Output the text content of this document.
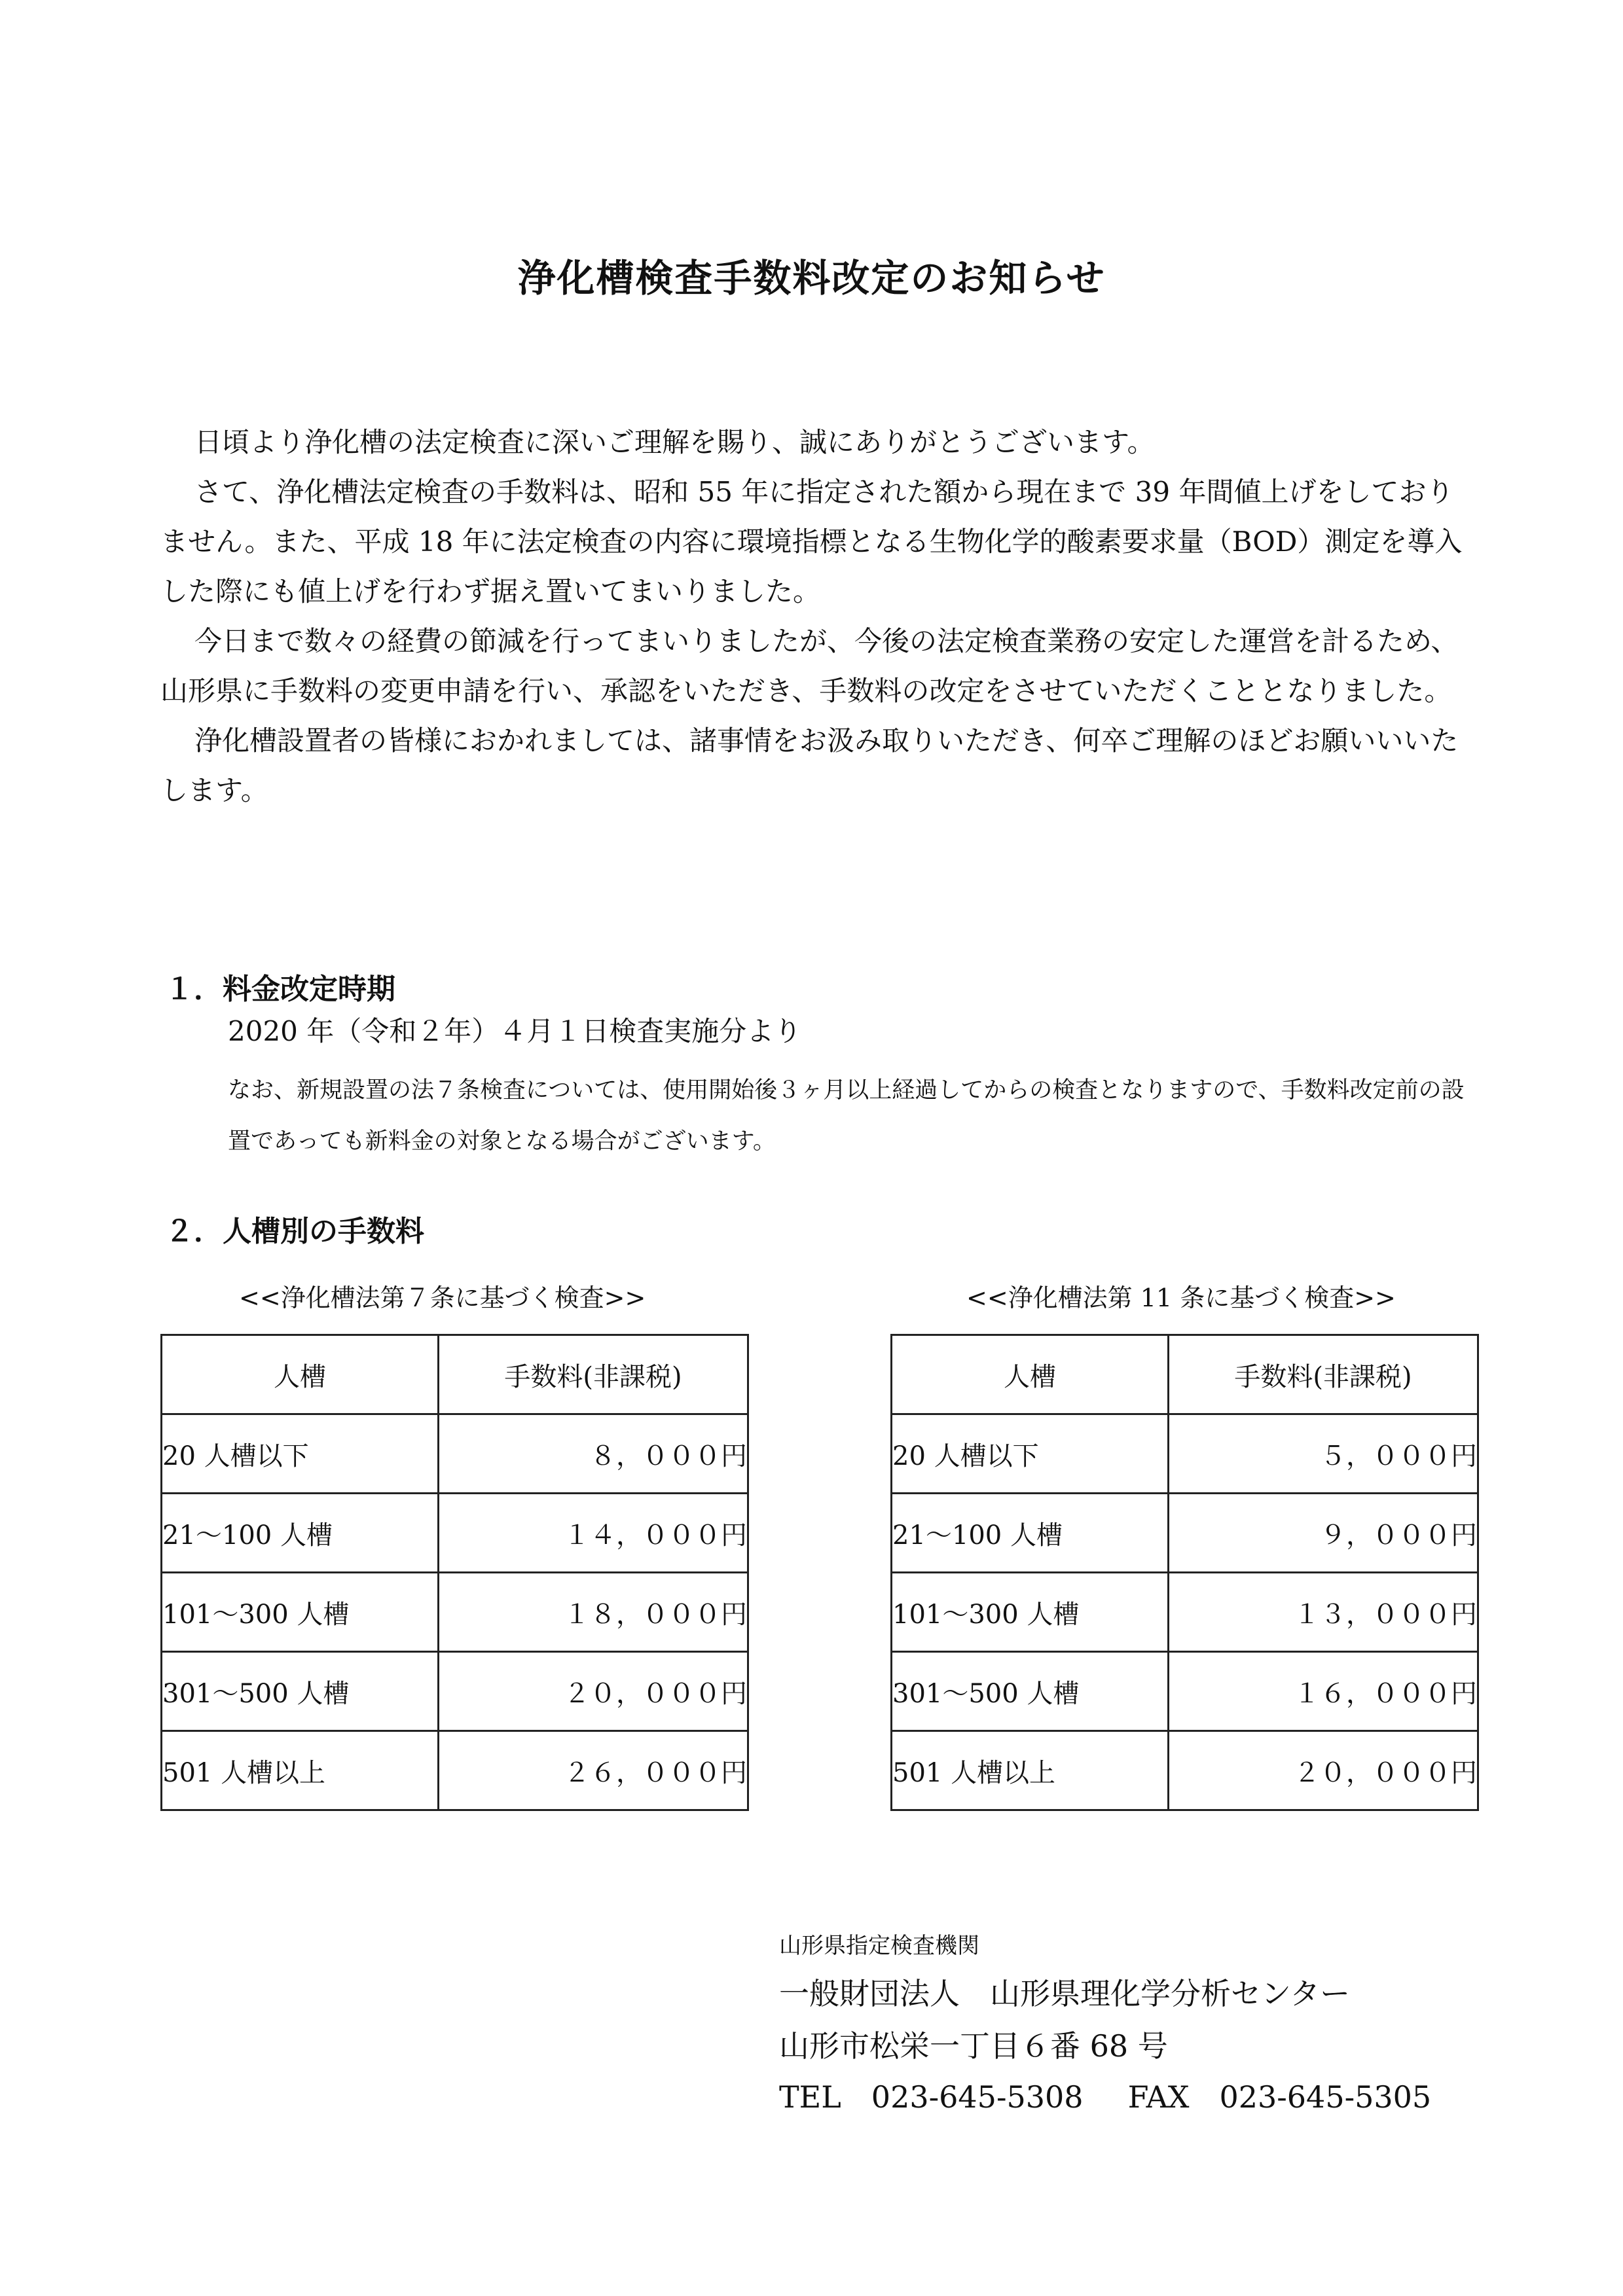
浄化槽検査手数料改定のお知らせ

日頃より浄化槽の法定検査に深いご理解を賜り、誠にありがとうございます。

さて、浄化槽法定検査の手数料は、昭和 55 年に指定された額から現在まで 39 年間値上げをしておりません。また、平成 18 年に法定検査の内容に環境指標となる生物化学的酸素要求量（BOD）測定を導入した際にも値上げを行わず据え置いてまいりました。

今日まで数々の経費の節減を行ってまいりましたが、今後の法定検査業務の安定した運営を計るため、山形県に手数料の変更申請を行い、承認をいただき、手数料の改定をさせていただくこととなりました。

浄化槽設置者の皆様におかれましては、諸事情をお汲み取りいただき、何卒ご理解のほどお願いいいたします。

１．料金改定時期
2020 年（令和２年）４月１日検査実施分より
なお、新規設置の法７条検査については、使用開始後３ヶ月以上経過してからの検査となりますので、手数料改定前の設置であっても新料金の対象となる場合がございます。
２．人槽別の手数料
<<浄化槽法第７条に基づく検査>>	<<浄化槽法第 11 条に基づく検査>>
人槽	手数料(非課税)
20 人槽以下	８，０００円
21～100 人槽	１４，０００円
101～300 人槽	１８，０００円
301～500 人槽	２０，０００円
501 人槽以上	２６，０００円
人槽	手数料(非課税)
20 人槽以下	５，０００円
21～100 人槽	９，０００円
101～300 人槽	１３，０００円
301～500 人槽	１６，０００円
501 人槽以上	２０，０００円
山形県指定検査機関
一般財団法人　山形県理化学分析センター
山形市松栄一丁目６番 68 号
TEL　023-645-5308 FAX　023-645-5305
